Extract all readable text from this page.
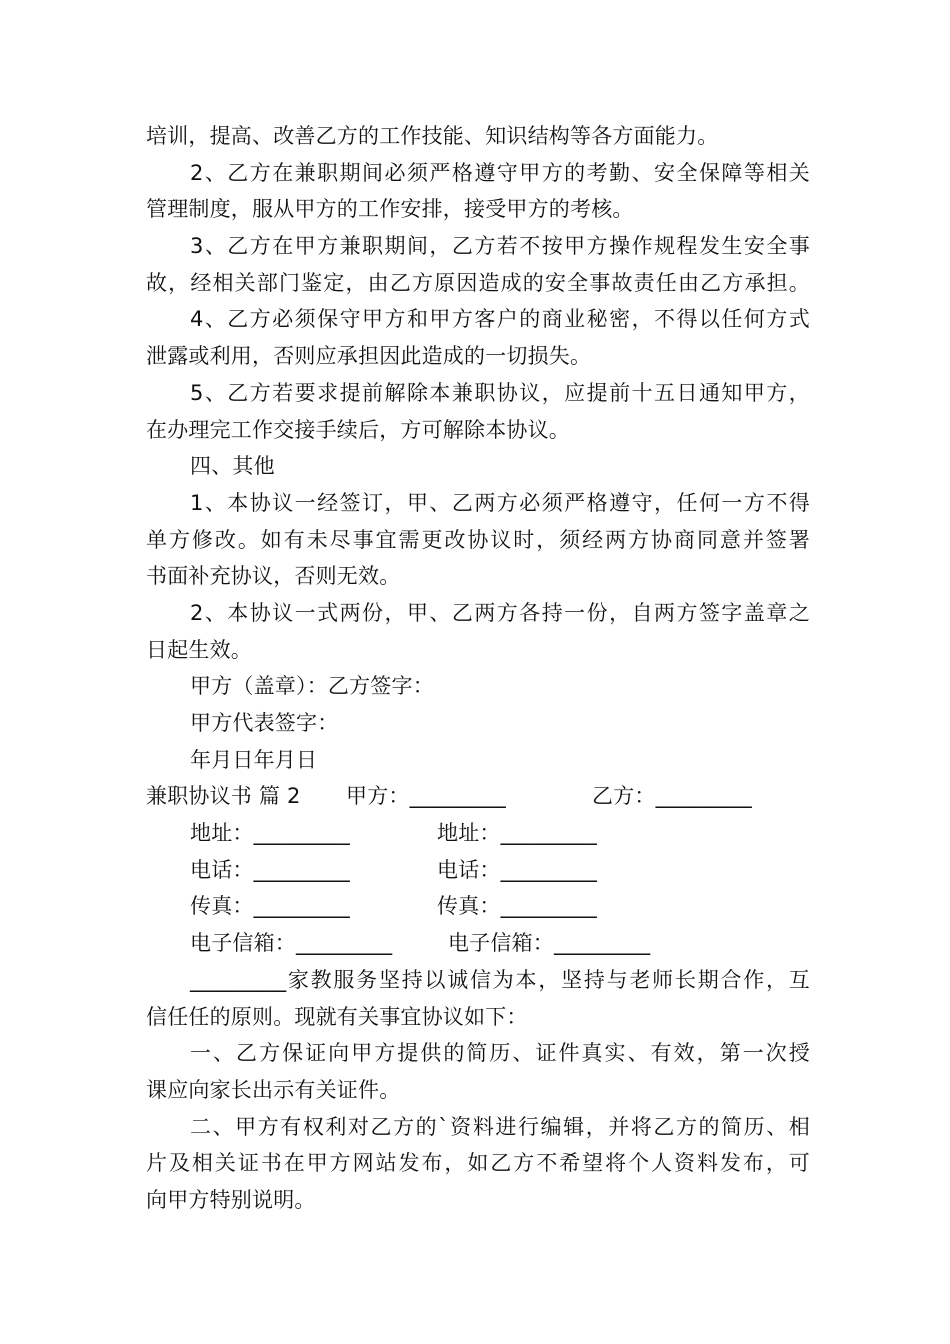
培训，提高、改善乙方的工作技能、知识结构等各方面能力。
2、乙方在兼职期间必须严格遵守甲方的考勤、安全保障等相关
管理制度，服从甲方的工作安排，接受甲方的考核。
3、乙方在甲方兼职期间，乙方若不按甲方操作规程发生安全事
故，经相关部门鉴定，由乙方原因造成的安全事故责任由乙方承担。
4、乙方必须保守甲方和甲方客户的商业秘密，不得以任何方式
泄露或利用，否则应承担因此造成的一切损失。
5、乙方若要求提前解除本兼职协议，应提前十五日通知甲方，
在办理完工作交接手续后，方可解除本协议。
四、其他
1、本协议一经签订，甲、乙两方必须严格遵守，任何一方不得
单方修改。如有未尽事宜需更改协议时，须经两方协商同意并签署
书面补充协议，否则无效。
2、本协议一式两份，甲、乙两方各持一份，自两方签字盖章之
日起生效。
甲方（盖章）：乙方签字：
甲方代表签字：
年月日年月日
兼职协议书 篇 2 甲方：_________	乙方：_________
地址：_________	地址：_________
电话：_________	电话：_________
传真：_________	传真：_________
电子信箱：_________	电子信箱：_________
_________家教服务坚持以诚信为本，坚持与老师长期合作，互
信任任的原则。现就有关事宜协议如下：
一、乙方保证向甲方提供的简历、证件真实、有效，第一次授
课应向家长出示有关证件。
二、甲方有权利对乙方的`资料进行编辑，并将乙方的简历、相
片及相关证书在甲方网站发布，如乙方不希望将个人资料发布，可
向甲方特别说明。
